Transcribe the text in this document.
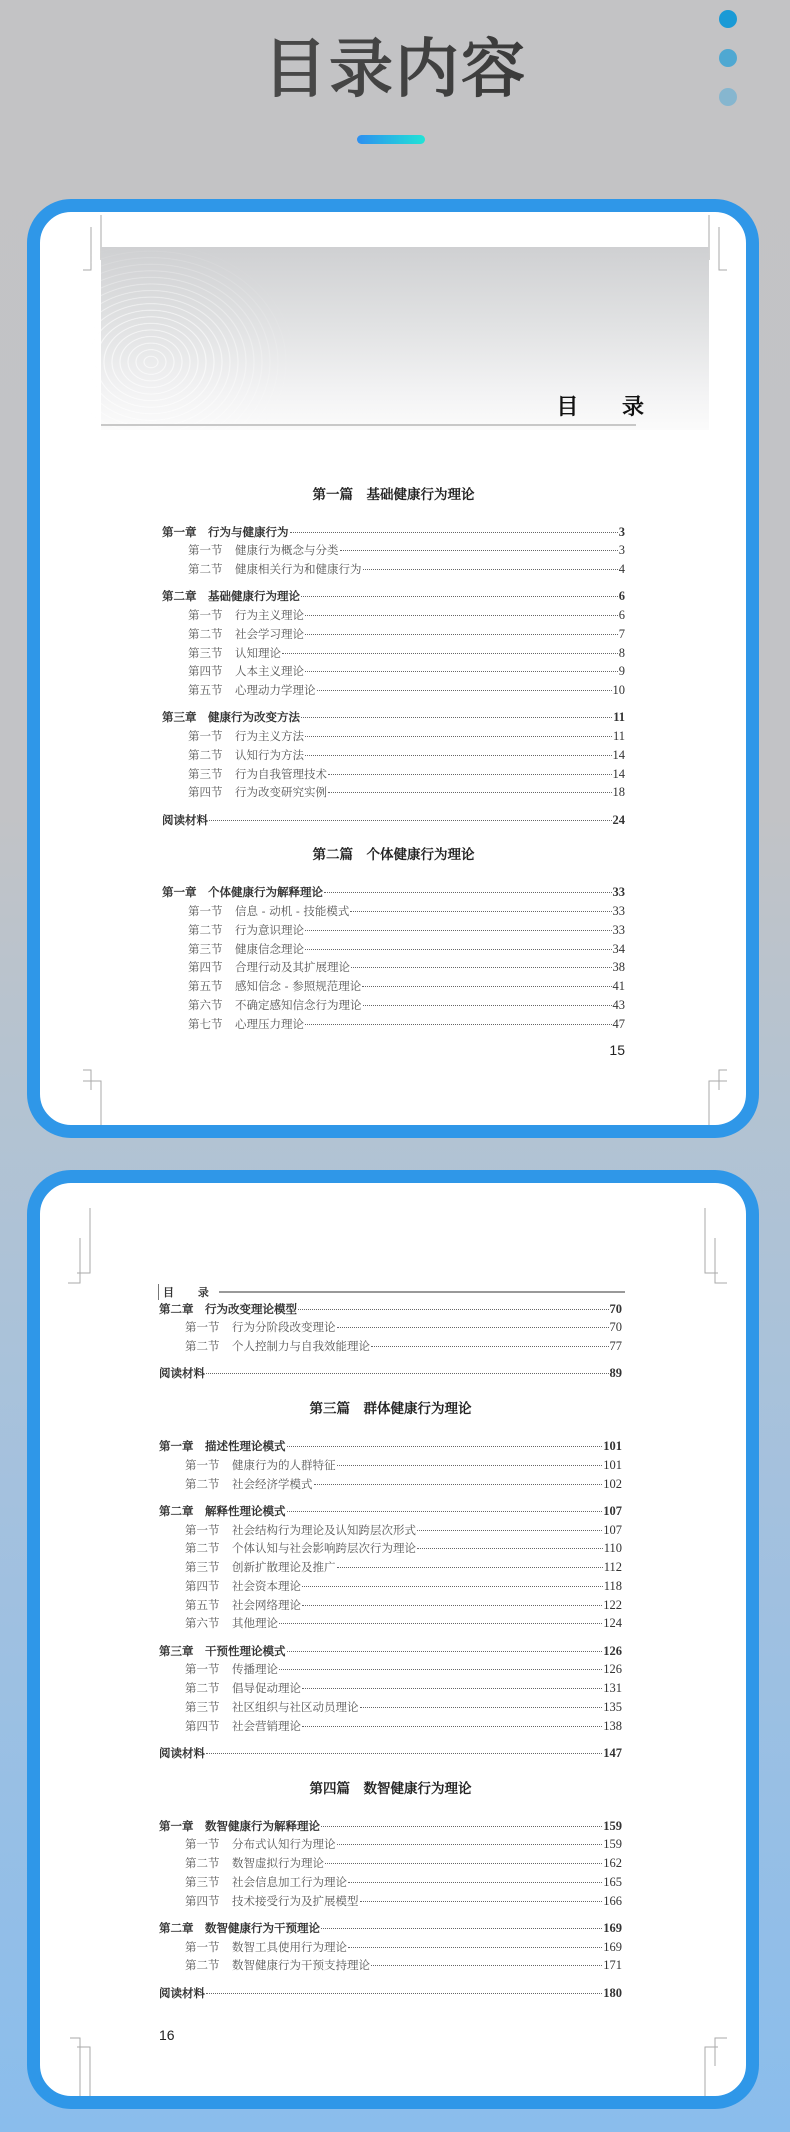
目录内容
目 录
第一篇　基础健康行为理论
第一章	行为与健康行为	3
第一节	健康行为概念与分类	3
第二节	健康相关行为和健康行为	4
第二章	基础健康行为理论	6
第一节	行为主义理论	6
第二节	社会学习理论	7
第三节	认知理论	8
第四节	人本主义理论	9
第五节	心理动力学理论	10
第三章	健康行为改变方法	11
第一节	行为主义方法	11
第二节	认知行为方法	14
第三节	行为自我管理技术	14
第四节	行为改变研究实例	18
阅读材料	24
第二篇　个体健康行为理论
第一章	个体健康行为解释理论	33
第一节	信息 - 动机 - 技能模式	33
第二节	行为意识理论	33
第三节	健康信念理论	34
第四节	合理行动及其扩展理论	38
第五节	感知信念 - 参照规范理论	41
第六节	不确定感知信念行为理论	43
第七节	心理压力理论	47
15
目 录
第二章	行为改变理论模型	70
第一节	行为分阶段改变理论	70
第二节	个人控制力与自我效能理论	77
阅读材料	89
第三篇　群体健康行为理论
第一章	描述性理论模式	101
第一节	健康行为的人群特征	101
第二节	社会经济学模式	102
第二章	解释性理论模式	107
第一节	社会结构行为理论及认知跨层次形式	107
第二节	个体认知与社会影响跨层次行为理论	110
第三节	创新扩散理论及推广	112
第四节	社会资本理论	118
第五节	社会网络理论	122
第六节	其他理论	124
第三章	干预性理论模式	126
第一节	传播理论	126
第二节	倡导促动理论	131
第三节	社区组织与社区动员理论	135
第四节	社会营销理论	138
阅读材料	147
第四篇　数智健康行为理论
第一章	数智健康行为解释理论	159
第一节	分布式认知行为理论	159
第二节	数智虚拟行为理论	162
第三节	社会信息加工行为理论	165
第四节	技术接受行为及扩展模型	166
第二章	数智健康行为干预理论	169
第一节	数智工具使用行为理论	169
第二节	数智健康行为干预支持理论	171
阅读材料	180
16
